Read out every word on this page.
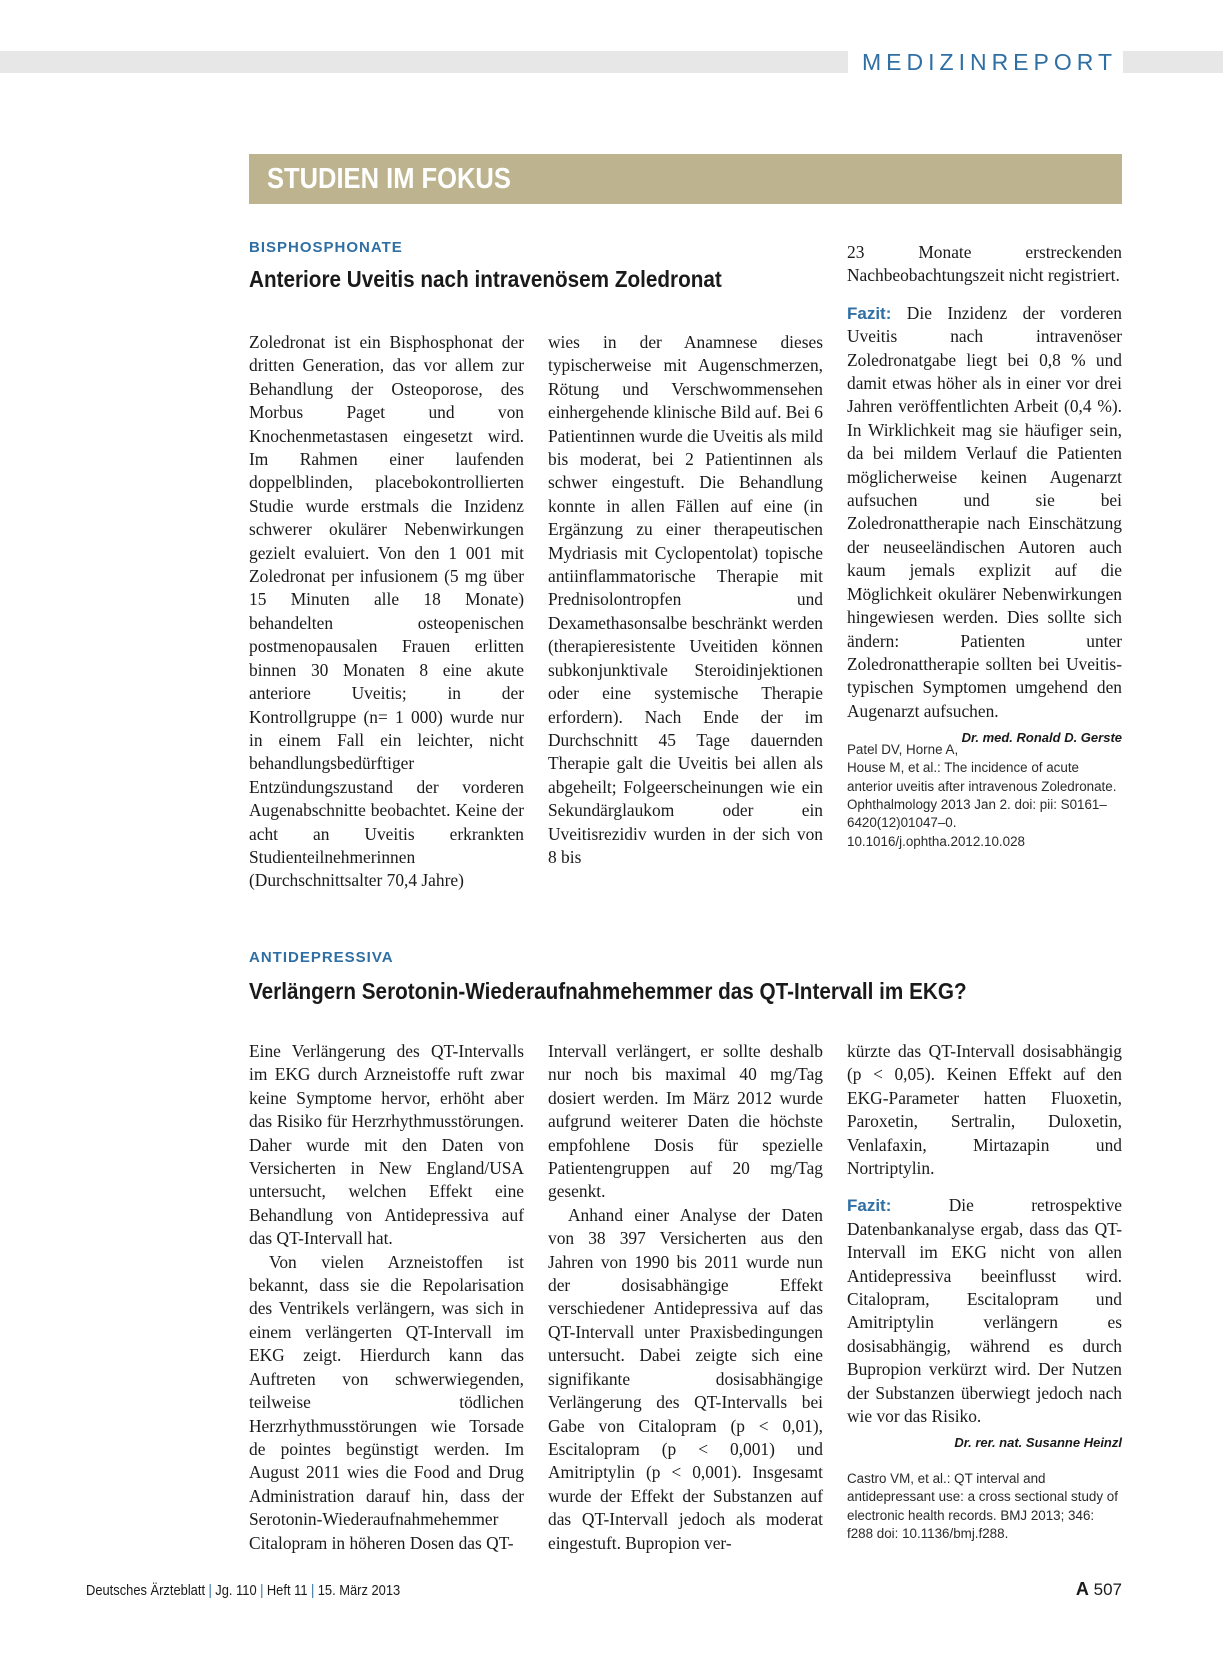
MEDIZINREPORT
STUDIEN IM FOKUS
BISPHOSPHONATE
Anteriore Uveitis nach intravenösem Zoledronat

Zoledronat ist ein Bisphosphonat der dritten Generation, das vor allem zur Behandlung der Osteoporose, des Morbus Paget und von Knochenmetastasen eingesetzt wird. Im Rahmen einer laufenden doppelblinden, placebokontrollierten Studie wurde erstmals die Inzidenz schwerer okulärer Nebenwirkungen gezielt evaluiert. Von den 1 001 mit Zoledronat per infusionem (5 mg über 15 Minuten alle 18 Monate) behandelten osteopenischen postmenopausalen Frauen erlitten binnen 30 Monaten 8 eine akute anteriore Uveitis; in der Kontrollgruppe (n= 1 000) wurde nur in einem Fall ein leichter, nicht behandlungsbedürftiger Entzündungszustand der vorderen Augenabschnitte beobachtet. Keine der acht an Uveitis erkrankten Studienteilnehmerinnen (Durchschnittsalter 70,4 Jahre)

wies in der Anamnese dieses typischerweise mit Augenschmerzen, Rötung und Verschwommensehen einhergehende klinische Bild auf. Bei 6 Patientinnen wurde die Uveitis als mild bis moderat, bei 2 Patientinnen als schwer eingestuft. Die Behandlung konnte in allen Fällen auf eine (in Ergänzung zu einer therapeutischen Mydriasis mit Cyclopentolat) topische antiinflammatorische Therapie mit Prednisolontropfen und Dexamethasonsalbe beschränkt werden (therapieresistente Uveitiden können subkonjunktivale Steroidinjektionen oder eine systemische Therapie erfordern). Nach Ende der im Durchschnitt 45 Tage dauernden Therapie galt die Uveitis bei allen als abgeheilt; Folgeerscheinungen wie ein Sekundärglaukom oder ein Uveitisrezidiv wurden in der sich von 8 bis

23 Monate erstreckenden Nachbeobachtungszeit nicht registriert.

Fazit: Die Inzidenz der vorderen Uveitis nach intravenöser Zoledronatgabe liegt bei 0,8 % und damit etwas höher als in einer vor drei Jahren veröffentlichten Arbeit (0,4 %). In Wirklichkeit mag sie häufiger sein, da bei mildem Verlauf die Patienten möglicherweise keinen Augenarzt aufsuchen und sie bei Zoledronattherapie nach Einschätzung der neuseeländischen Autoren auch kaum jemals explizit auf die Möglichkeit okulärer Nebenwirkungen hingewiesen werden. Dies sollte sich ändern: Patienten unter Zoledronattherapie sollten bei Uveitis-typischen Symptomen umgehend den Augenarzt aufsuchen.
Dr. med. Ronald D. Gerste

Patel DV, Horne A, House M, et al.: The incidence of acute anterior uveitis after intravenous Zoledronate. Ophthalmology 2013 Jan 2. doi: pii: S0161–6420(12)01047–0. 10.1016/j.ophtha.2012.10.028
ANTIDEPRESSIVA
Verlängern Serotonin-Wiederaufnahmehemmer das QT-Intervall im EKG?

Eine Verlängerung des QT-Intervalls im EKG durch Arzneistoffe ruft zwar keine Symptome hervor, erhöht aber das Risiko für Herzrhythmusstörungen. Daher wurde mit den Daten von Versicherten in New England/USA untersucht, welchen Effekt eine Behandlung von Antidepressiva auf das QT-Intervall hat.

Von vielen Arzneistoffen ist bekannt, dass sie die Repolarisation des Ventrikels verlängern, was sich in einem verlängerten QT-Intervall im EKG zeigt. Hierdurch kann das Auftreten von schwerwiegenden, teilweise tödlichen Herzrhythmusstörungen wie Torsade de pointes begünstigt werden. Im August 2011 wies die Food and Drug Administration darauf hin, dass der Serotonin-Wiederaufnahmehemmer Citalopram in höheren Dosen das QT-

Intervall verlängert, er sollte deshalb nur noch bis maximal 40 mg/Tag dosiert werden. Im März 2012 wurde aufgrund weiterer Daten die höchste empfohlene Dosis für spezielle Patientengruppen auf 20 mg/Tag gesenkt.

Anhand einer Analyse der Daten von 38 397 Versicherten aus den Jahren von 1990 bis 2011 wurde nun der dosisabhängige Effekt verschiedener Antidepressiva auf das QT-Intervall unter Praxisbedingungen untersucht. Dabei zeigte sich eine signifikante dosisabhängige Verlängerung des QT-Intervalls bei Gabe von Citalopram (p < 0,01), Escitalopram (p < 0,001) und Amitriptylin (p < 0,001). Insgesamt wurde der Effekt der Substanzen auf das QT-Intervall jedoch als moderat eingestuft. Bupropion ver-

kürzte das QT-Intervall dosisabhängig (p < 0,05). Keinen Effekt auf den EKG-Parameter hatten Fluoxetin, Paroxetin, Sertralin, Duloxetin, Venlafaxin, Mirtazapin und Nortriptylin.

Fazit: Die retrospektive Datenbankanalyse ergab, dass das QT-Intervall im EKG nicht von allen Antidepressiva beeinflusst wird. Citalopram, Escitalopram und Amitriptylin verlängern es dosisabhängig, während es durch Bupropion verkürzt wird. Der Nutzen der Substanzen überwiegt jedoch nach wie vor das Risiko.

Dr. rer. nat. Susanne Heinzl
Castro VM, et al.: QT interval and antidepressant use: a cross sectional study of electronic health records. BMJ 2013; 346: f288 doi: 10.1136/bmj.f288.
Deutsches Ärzteblatt | Jg. 110 | Heft 11 | 15. März 2013	A 507
